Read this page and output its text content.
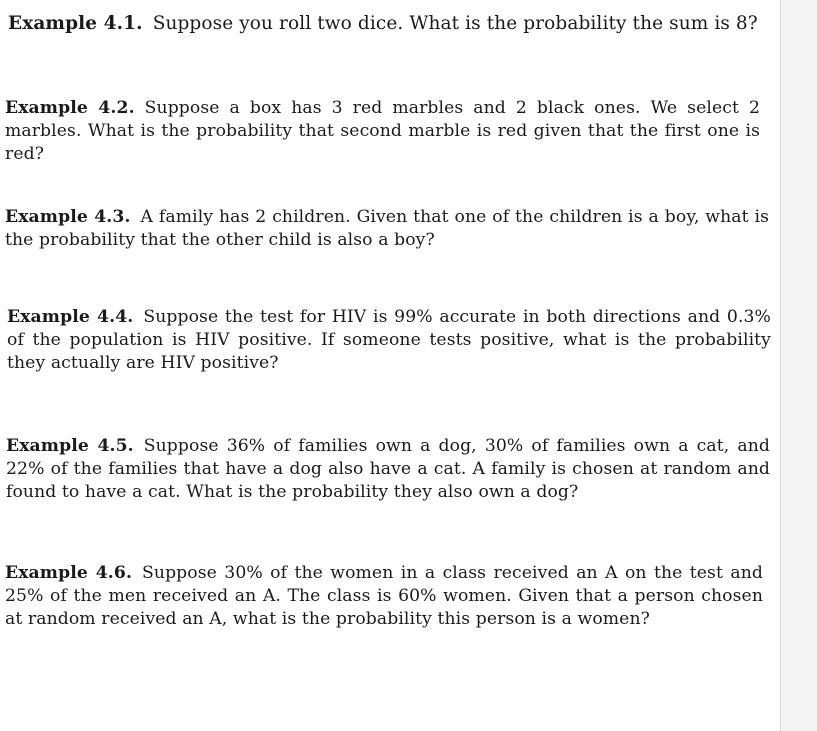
Example 4.1. Suppose you roll two dice. What is the probability the sum is 8?
Example 4.2. Suppose a box has 3 red marbles and 2 black ones. We select 2 marbles. What is the probability that second marble is red given that the first one is red?
Example 4.3. A family has 2 children. Given that one of the children is a boy, what is the probability that the other child is also a boy?
Example 4.4. Suppose the test for HIV is 99% accurate in both directions and 0.3% of the population is HIV positive. If someone tests positive, what is the probability they actually are HIV positive?
Example 4.5. Suppose 36% of families own a dog, 30% of families own a cat, and 22% of the families that have a dog also have a cat. A family is chosen at random and found to have a cat. What is the probability they also own a dog?
Example 4.6. Suppose 30% of the women in a class received an A on the test and 25% of the men received an A. The class is 60% women. Given that a person chosen at random received an A, what is the probability this person is a women?
